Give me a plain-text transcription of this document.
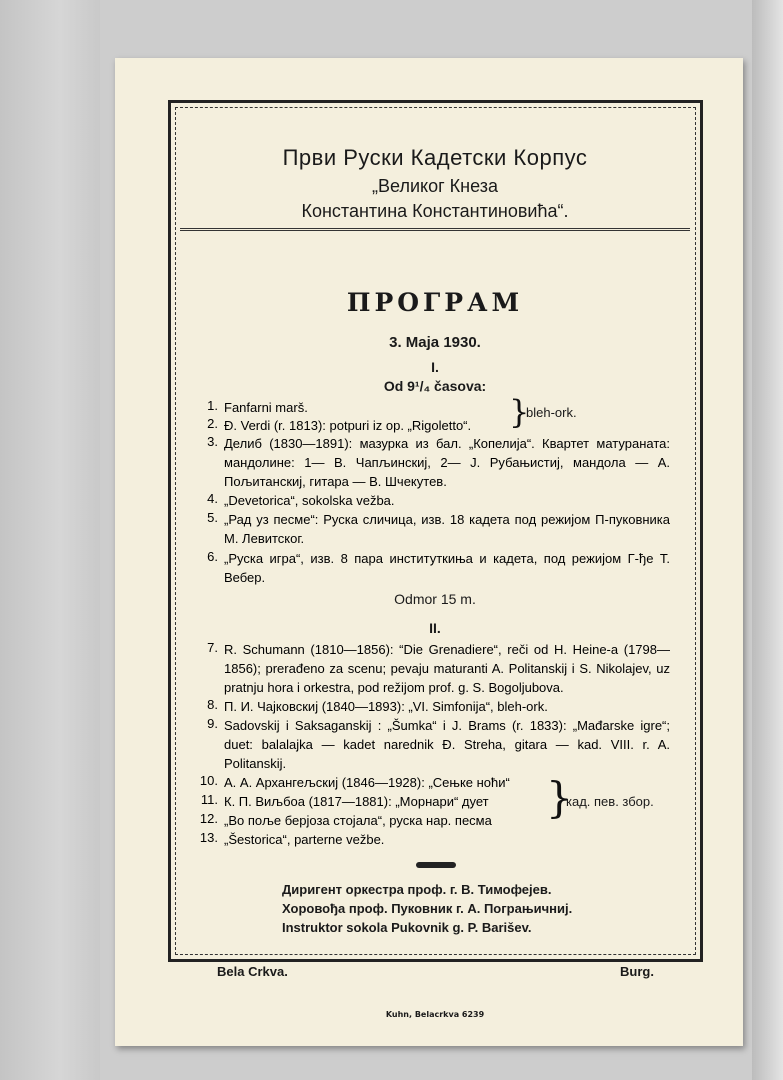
Први Руски Кадетски Корпус
„Великог Кнеза
Константина Константиновића“.
ПРОГРАМ
3. Maja 1930.
I.
Od 9¹/₄ časova:
1. Fanfarni marš.
2. Đ. Verdi (r. 1813): potpuri iz op. „Rigoletto“.	}
bleh-ork.
3. Делиб (1830—1891): мазурка из бал. „Копелија“. Квартет матураната: мандолине: 1— В. Чапљинскиј, 2— Ј. Рубањистиј, мандола — А. Пољитанскиј, гитара — В. Шчекутев.
4. „Devetorica“, sokolska vežba.
5. „Рад уз песме“: Руска сличица, изв. 18 кадета под режијом П-пуковника М. Левитског.
6. „Руска игра“, изв. 8 пара институткиња и кадета, под режијом Г-ђе Т. Вебер.
Odmor 15 m.
II.
7. R. Schumann (1810—1856): “Die Grenadiere“, reči od H. Heine-a (1798—1856); prerađeno za scenu; pevaju maturanti A. Politanskij i S. Nikolajev, uz pratnju hora i orkestra, pod režijom prof. g. S. Bogoljubova.
8. П. И. Чајковскиј (1840—1893): „VI. Simfonija“, bleh-ork.
9. Sadovskij i Saksaganskij : „Šumka“ i J. Brams (r. 1833): „Mađarske igre“; duet: balalajka — kadet narednik Đ. Streha, gitara — kad. VIII. r. A. Politanskij.
10. А. А. Архангељскиј (1846—1928): „Сењке ноћи“
11. К. П. Виљбоа (1817—1881): „Морнари“ дует
12. „Во поље берјоза стојала“, руска нар. песма	}
кад. пев. збор.
13. „Šestorica“, parterne vežbe.
Диригент оркестра проф. г. В. Тимофејев.
Хоровођа проф. Пуковник г. А. Пограњичниј.
Instruktor sokola Pukovnik g. P. Barišev.
Bela Crkva.	Burg.
Kuhn, Belacrkva 6239
